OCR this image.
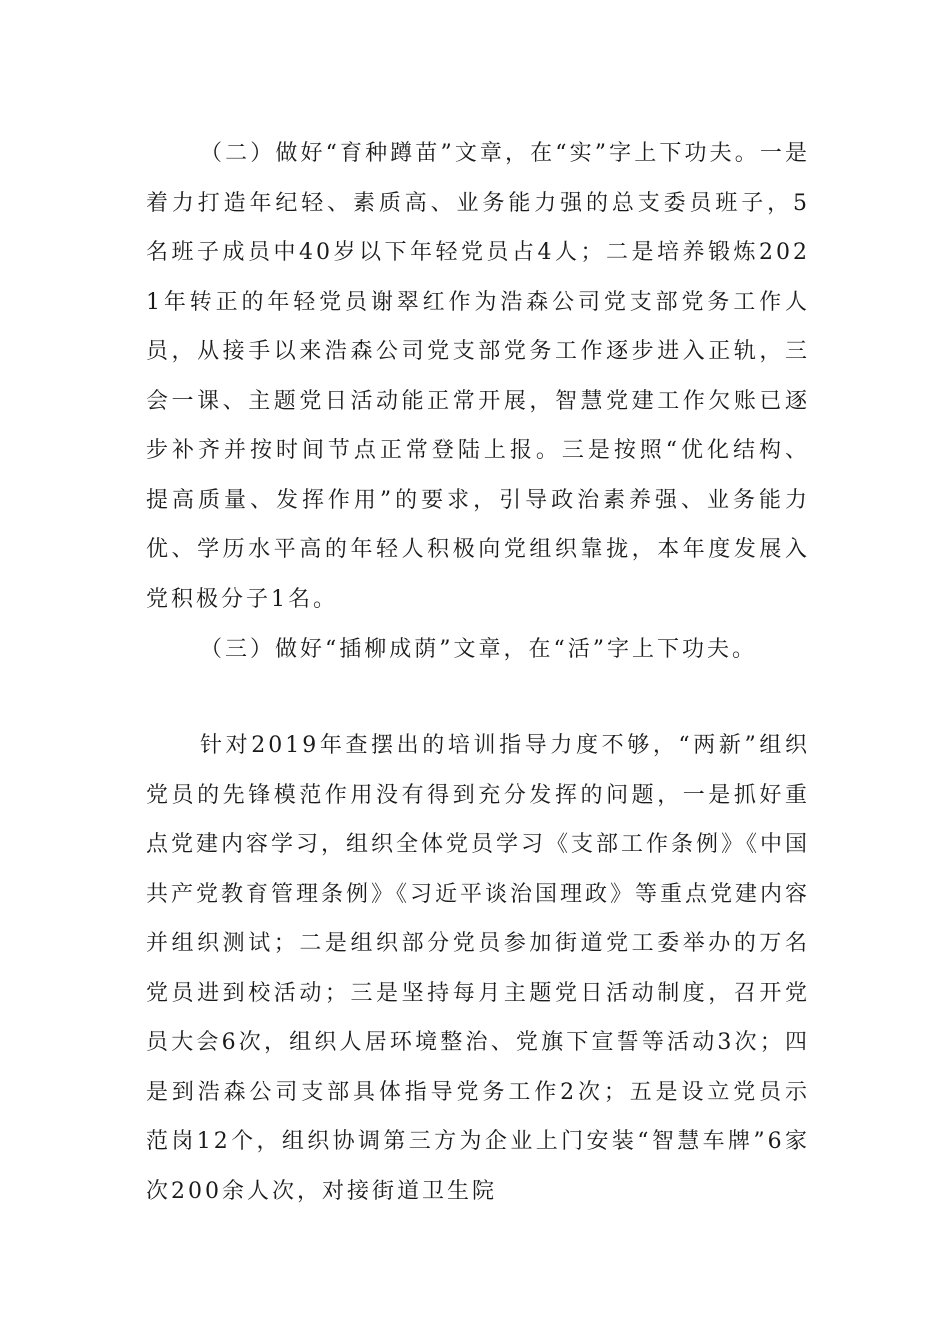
（二）做好“育种蹲苗”文章，在“实”字上下功夫。一是着力打造年纪轻、素质高、业务能力强的总支委员班子，5名班子成员中40岁以下年轻党员占4人；二是培养锻炼2021年转正的年轻党员谢翠红作为浩森公司党支部党务工作人员，从接手以来浩森公司党支部党务工作逐步进入正轨，三会一课、主题党日活动能正常开展，智慧党建工作欠账已逐步补齐并按时间节点正常登陆上报。三是按照“优化结构、提高质量、发挥作用”的要求，引导政治素养强、业务能力优、学历水平高的年轻人积极向党组织靠拢，本年度发展入党积极分子1名。

（三）做好“插柳成荫”文章，在“活”字上下功夫。

针对2019年查摆出的培训指导力度不够，“两新”组织党员的先锋模范作用没有得到充分发挥的问题，一是抓好重点党建内容学习，组织全体党员学习《支部工作条例》《中国共产党教育管理条例》《习近平谈治国理政》等重点党建内容并组织测试；二是组织部分党员参加街道党工委举办的万名党员进到校活动；三是坚持每月主题党日活动制度，召开党员大会6次，组织人居环境整治、党旗下宣誓等活动3次；四是到浩森公司支部具体指导党务工作2次；五是设立党员示范岗12个，组织协调第三方为企业上门安装“智慧车牌”6家次200余人次，对接街道卫生院
